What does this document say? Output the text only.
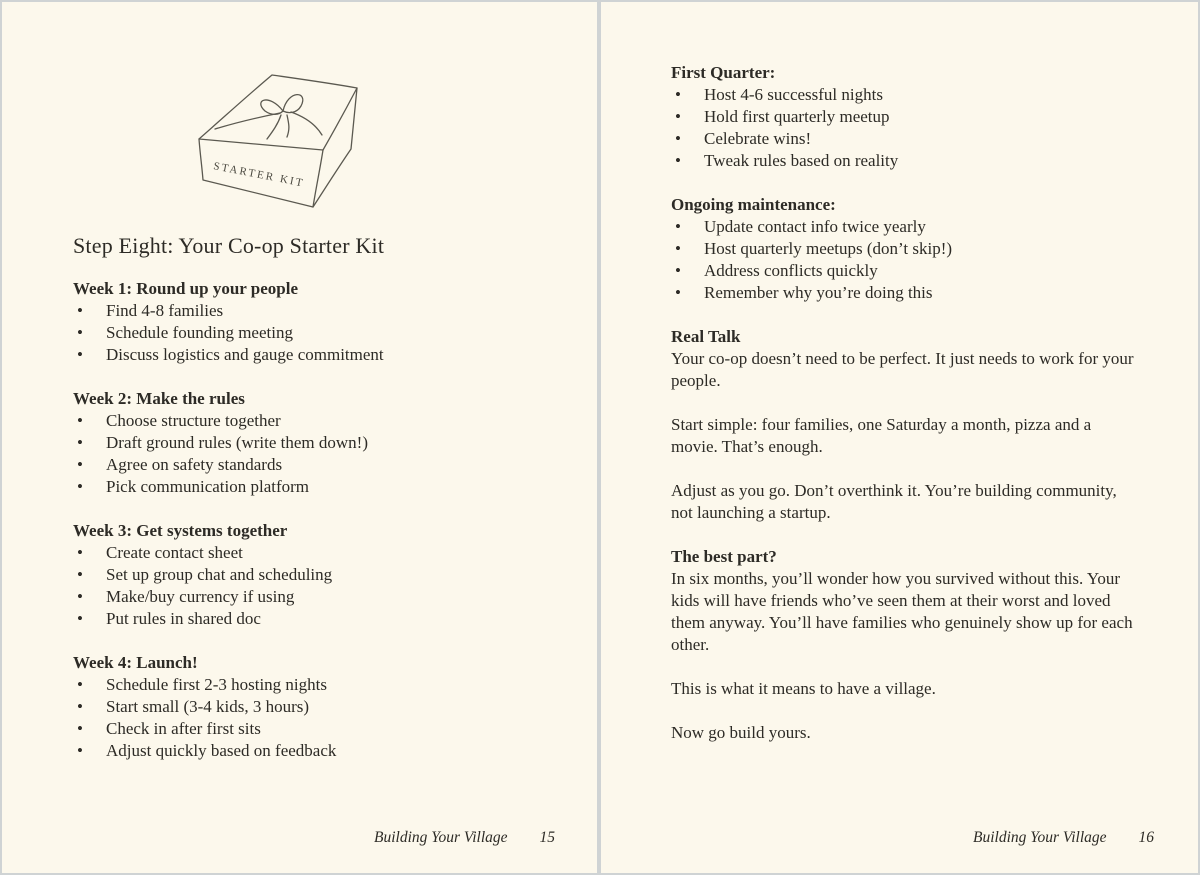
STARTER KIT
Step Eight: Your Co-op Starter Kit
Week 1: Round up your people
•	Find 4-8 families
•	Schedule founding meeting
•	Discuss logistics and gauge commitment
Week 2: Make the rules
•	Choose structure together
•	Draft ground rules (write them down!)
•	Agree on safety standards
•	Pick communication platform
Week 3: Get systems together
•	Create contact sheet
•	Set up group chat and scheduling
•	Make/buy currency if using
•	Put rules in shared doc
Week 4: Launch!
•	Schedule first 2-3 hosting nights
•	Start small (3-4 kids, 3 hours)
•	Check in after first sits
•	Adjust quickly based on feedback
Building Your Village 15
First Quarter:
•	Host 4-6 successful nights
•	Hold first quarterly meetup
•	Celebrate wins!
•	Tweak rules based on reality
Ongoing maintenance:
•	Update contact info twice yearly
•	Host quarterly meetups (don’t skip!)
•	Address conflicts quickly
•	Remember why you’re doing this
Real Talk
Your co-op doesn’t need to be perfect. It just needs to work for your people.
Start simple: four families, one Saturday a month, pizza and a movie. That’s enough.
Adjust as you go. Don’t overthink it. You’re building community, not launching a startup.
The best part?
In six months, you’ll wonder how you survived without this. Your kids will have friends who’ve seen them at their worst and loved them anyway. You’ll have families who genuinely show up for each other.
This is what it means to have a village.
Now go build yours.
Building Your Village 16
